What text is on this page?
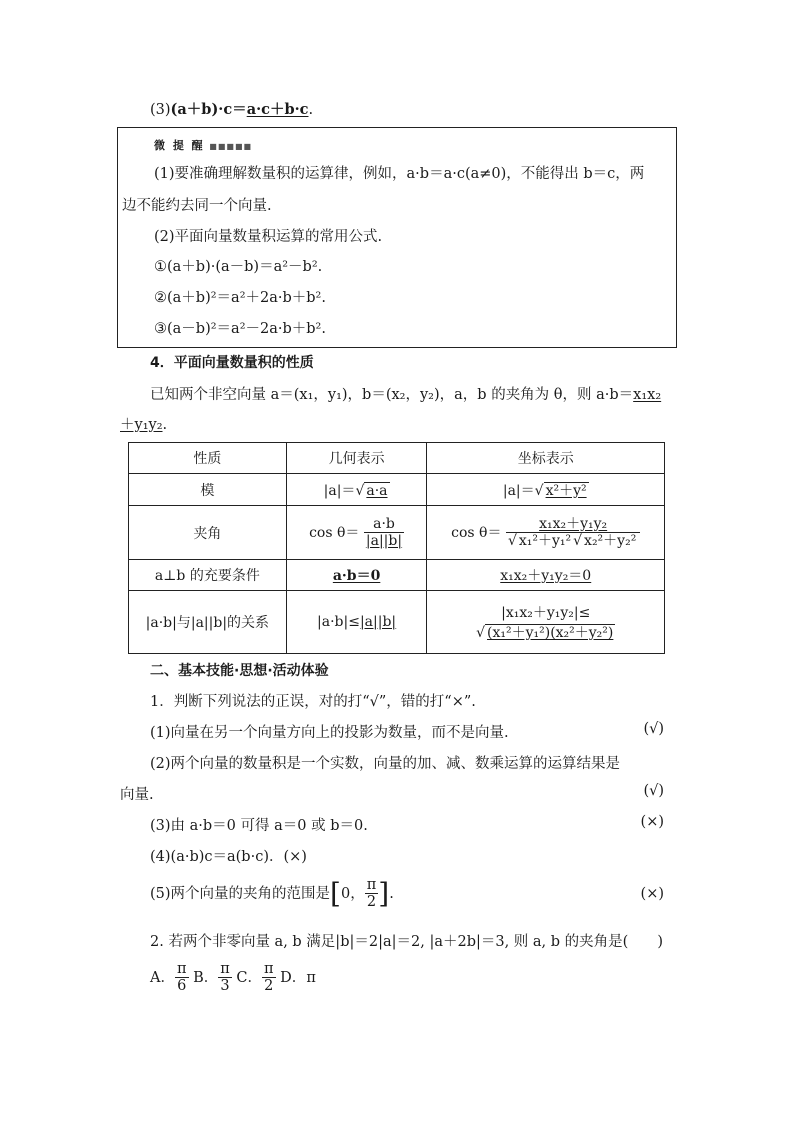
(3)(a＋b)·c＝a·c＋b·c.
微 提 醒 ■■■■■
(1)要准确理解数量积的运算律，例如，a·b＝a·c(a≠0)，不能得出 b＝c，两
边不能约去同一个向量.
(2)平面向量数量积运算的常用公式.
①(a＋b)·(a－b)＝a²－b².
②(a＋b)²＝a²＋2a·b＋b².
③(a－b)²＝a²－2a·b＋b².
4．平面向量数量积的性质
已知两个非空向量 a＝(x₁，y₁)，b＝(x₂，y₂)，a，b 的夹角为 θ，则 a·b＝x₁x₂
＋y₁y₂.
性质	几何表示	坐标表示
模	|a|＝√ a·a	|a|＝√ x²＋y²
夹角	$\cos \theta= \frac{a\cdot b}{|a||b|}$	$\cos \theta= \frac{\text{x₁x₂＋y₁y₂}}{\text{√ x₁²＋y₁² √ x₂²＋y₂²}}$

a⊥b 的充要条件	a·b＝0	x₁x₂＋y₁y₂＝0
|a·b|与|a||b|的关系	|a·b|≤|a||b|	|x₁x₂＋y₁y₂|≤
√ (x₁²＋y₁²)(x₂²＋y₂²)
二、基本技能·思想·活动体验
1．判断下列说法的正误，对的打“√”，错的打“×”.
(1)向量在另一个向量方向上的投影为数量，而不是向量.	(√)
(2)两个向量的数量积是一个实数，向量的加、减、数乘运算的运算结果是
向量.	(√)
(3)由 a·b＝0 可得 a＝0 或 b＝0.	(×)
(4)(a·b)c＝a(b·c)．(×)
(5)两个向量的夹角的范围是[0， $\frac{\pi}{2}$ ].	(×)
2. 若两个非零向量 a, b 满足|b|＝2|a|＝2, |a＋2b|＝3, 则 a, b 的夹角是(　　)
A． $\frac{\pi}{6}$ B． $\frac{\pi}{3}$ C． $\frac{\pi}{2}$ D．π
